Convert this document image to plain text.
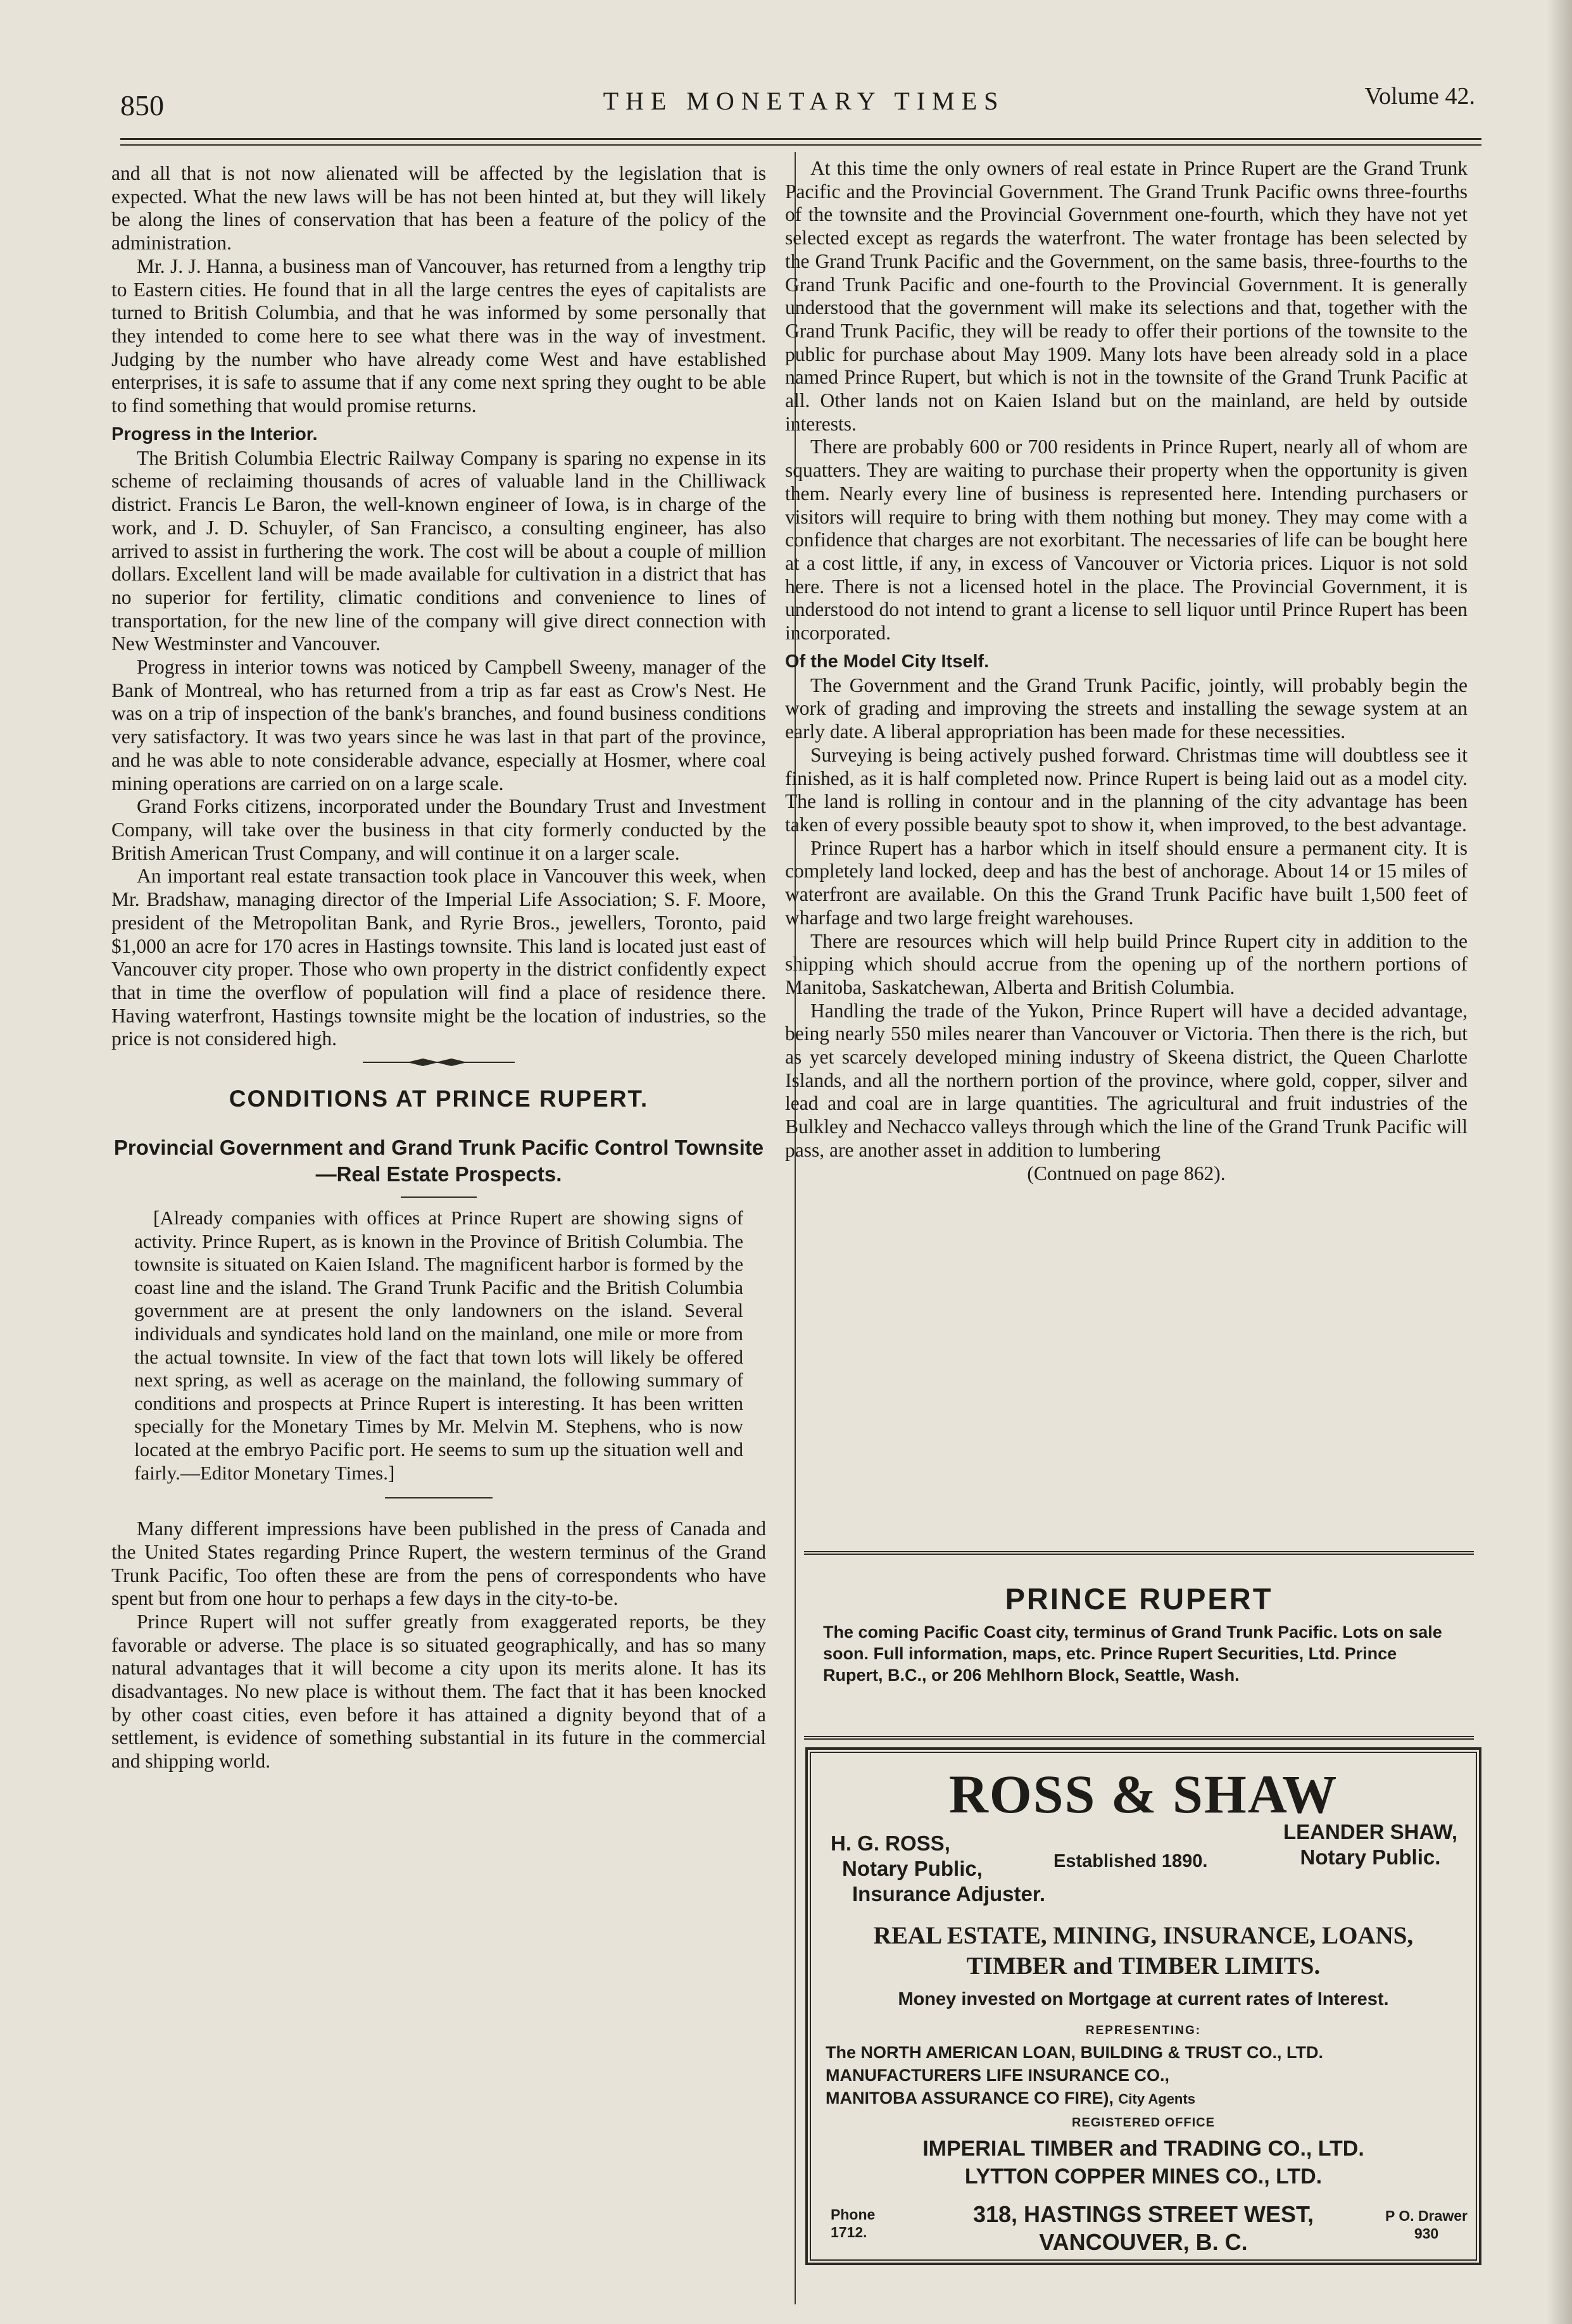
850	THE MONETARY TIMES	Volume 42.

and all that is not now alienated will be affected by the legislation that is expected. What the new laws will be has not been hinted at, but they will likely be along the lines of conservation that has been a feature of the policy of the administration.

Mr. J. J. Hanna, a business man of Vancouver, has returned from a lengthy trip to Eastern cities. He found that in all the large centres the eyes of capitalists are turned to British Columbia, and that he was informed by some personally that they intended to come here to see what there was in the way of investment. Judging by the number who have already come West and have established enterprises, it is safe to assume that if any come next spring they ought to be able to find something that would promise returns.

Progress in the Interior.

The British Columbia Electric Railway Company is sparing no expense in its scheme of reclaiming thousands of acres of valuable land in the Chilliwack district. Francis Le Baron, the well-known engineer of Iowa, is in charge of the work, and J. D. Schuyler, of San Francisco, a consulting engineer, has also arrived to assist in furthering the work. The cost will be about a couple of million dollars. Excellent land will be made available for cultivation in a district that has no superior for fertility, climatic conditions and convenience to lines of transportation, for the new line of the company will give direct connection with New Westminster and Vancouver.

Progress in interior towns was noticed by Campbell Sweeny, manager of the Bank of Montreal, who has returned from a trip as far east as Crow's Nest. He was on a trip of inspection of the bank's branches, and found business conditions very satisfactory. It was two years since he was last in that part of the province, and he was able to note considerable advance, especially at Hosmer, where coal mining operations are carried on on a large scale.

Grand Forks citizens, incorporated under the Boundary Trust and Investment Company, will take over the business in that city formerly conducted by the British American Trust Company, and will continue it on a larger scale.

An important real estate transaction took place in Vancouver this week, when Mr. Bradshaw, managing director of the Imperial Life Association; S. F. Moore, president of the Metropolitan Bank, and Ryrie Bros., jewellers, Toronto, paid $1,000 an acre for 170 acres in Hastings townsite. This land is located just east of Vancouver city proper. Those who own property in the district confidently expect that in time the overflow of population will find a place of residence there. Having waterfront, Hastings townsite might be the location of industries, so the price is not considered high.

CONDITIONS AT PRINCE RUPERT.
Provincial Government and Grand Trunk Pacific Control Townsite—Real Estate Prospects.

[Already companies with offices at Prince Rupert are showing signs of activity. Prince Rupert, as is known in the Province of British Columbia. The townsite is situated on Kaien Island. The magnificent harbor is formed by the coast line and the island. The Grand Trunk Pacific and the British Columbia government are at present the only landowners on the island. Several individuals and syndicates hold land on the mainland, one mile or more from the actual townsite. In view of the fact that town lots will likely be offered next spring, as well as acerage on the mainland, the following summary of conditions and prospects at Prince Rupert is interesting. It has been written specially for the Monetary Times by Mr. Melvin M. Stephens, who is now located at the embryo Pacific port. He seems to sum up the situation well and fairly.—Editor Monetary Times.]

Many different impressions have been published in the press of Canada and the United States regarding Prince Rupert, the western terminus of the Grand Trunk Pacific, Too often these are from the pens of correspondents who have spent but from one hour to perhaps a few days in the city-to-be.

Prince Rupert will not suffer greatly from exaggerated reports, be they favorable or adverse. The place is so situated geographically, and has so many natural advantages that it will become a city upon its merits alone. It has its disadvantages. No new place is without them. The fact that it has been knocked by other coast cities, even before it has attained a dignity beyond that of a settlement, is evidence of something substantial in its future in the commercial and shipping world.

At this time the only owners of real estate in Prince Rupert are the Grand Trunk Pacific and the Provincial Government. The Grand Trunk Pacific owns three-fourths of the townsite and the Provincial Government one-fourth, which they have not yet selected except as regards the waterfront. The water frontage has been selected by the Grand Trunk Pacific and the Government, on the same basis, three-fourths to the Grand Trunk Pacific and one-fourth to the Provincial Government. It is generally understood that the government will make its selections and that, together with the Grand Trunk Pacific, they will be ready to offer their portions of the townsite to the public for purchase about May 1909. Many lots have been already sold in a place named Prince Rupert, but which is not in the townsite of the Grand Trunk Pacific at all. Other lands not on Kaien Island but on the mainland, are held by outside interests.

There are probably 600 or 700 residents in Prince Rupert, nearly all of whom are squatters. They are waiting to purchase their property when the opportunity is given them. Nearly every line of business is represented here. Intending purchasers or visitors will require to bring with them nothing but money. They may come with a confidence that charges are not exorbitant. The necessaries of life can be bought here at a cost little, if any, in excess of Vancouver or Victoria prices. Liquor is not sold here. There is not a licensed hotel in the place. The Provincial Government, it is understood do not intend to grant a license to sell liquor until Prince Rupert has been incorporated.

Of the Model City Itself.

The Government and the Grand Trunk Pacific, jointly, will probably begin the work of grading and improving the streets and installing the sewage system at an early date. A liberal appropriation has been made for these necessities.

Surveying is being actively pushed forward. Christmas time will doubtless see it finished, as it is half completed now. Prince Rupert is being laid out as a model city. The land is rolling in contour and in the planning of the city advantage has been taken of every possible beauty spot to show it, when improved, to the best advantage.

Prince Rupert has a harbor which in itself should ensure a permanent city. It is completely land locked, deep and has the best of anchorage. About 14 or 15 miles of waterfront are available. On this the Grand Trunk Pacific have built 1,500 feet of wharfage and two large freight warehouses.

There are resources which will help build Prince Rupert city in addition to the shipping which should accrue from the opening up of the northern portions of Manitoba, Saskatchewan, Alberta and British Columbia.

Handling the trade of the Yukon, Prince Rupert will have a decided advantage, being nearly 550 miles nearer than Vancouver or Victoria. Then there is the rich, but as yet scarcely developed mining industry of Skeena district, the Queen Charlotte Islands, and all the northern portion of the province, where gold, copper, silver and lead and coal are in large quantities. The agricultural and fruit industries of the Bulkley and Nechacco valleys through which the line of the Grand Trunk Pacific will pass, are another asset in addition to lumbering

(Contnued on page 862).

PRINCE RUPERT
The coming Pacific Coast city, terminus of Grand Trunk Pacific. Lots on sale soon. Full information, maps, etc. Prince Rupert Securities, Ltd. Prince Rupert, B.C., or 206 Mehlhorn Block, Seattle, Wash.
ROSS & SHAW
H. G. ROSS,
Notary Public,
Insurance Adjuster.
Established 1890.
LEANDER SHAW,
Notary Public.
REAL ESTATE, MINING, INSURANCE, LOANS,
TIMBER and TIMBER LIMITS.
Money invested on Mortgage at current rates of Interest.
REPRESENTING:
The NORTH AMERICAN LOAN, BUILDING & TRUST CO., LTD.
MANUFACTURERS LIFE INSURANCE CO.,
MANITOBA ASSURANCE CO FIRE), City Agents
REGISTERED OFFICE
IMPERIAL TIMBER and TRADING CO., LTD.
LYTTON COPPER MINES CO., LTD.
Phone
1712.
318, HASTINGS STREET WEST,
VANCOUVER, B. C.
P O. Drawer
930
